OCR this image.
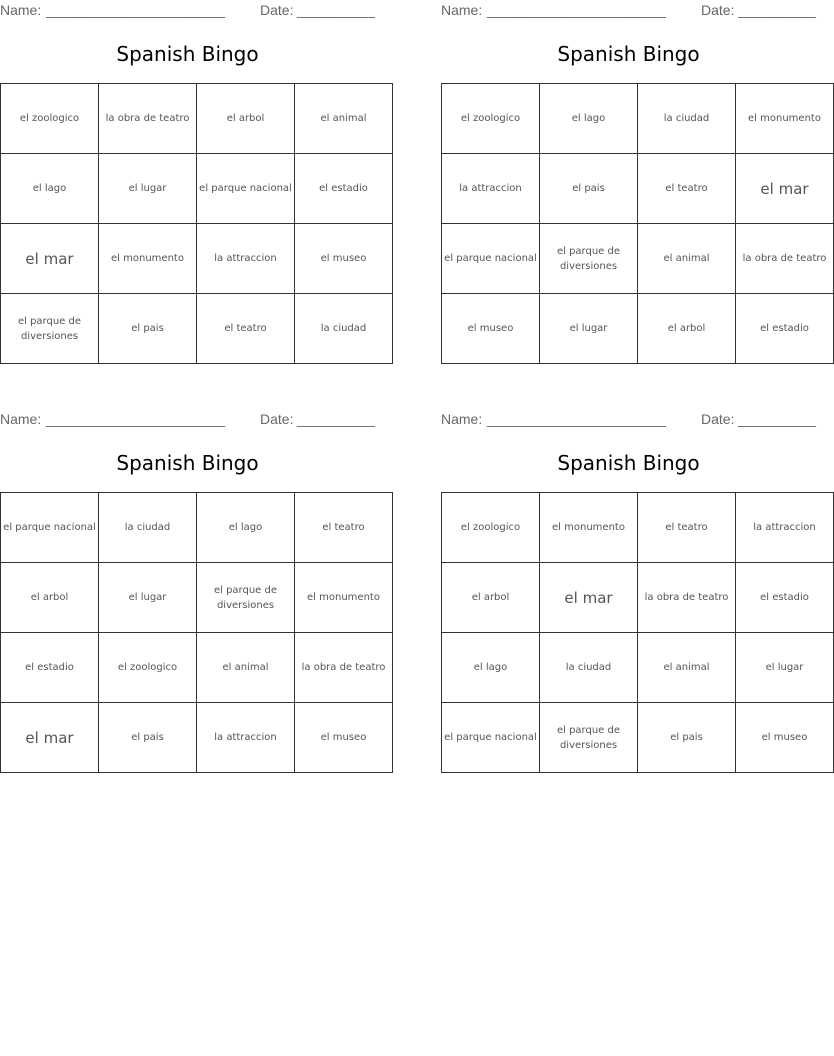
Name: _______________________ Date: __________
Spanish Bingo
el zoologico	la obra de teatro	el arbol	el animal
el lago	el lugar	el parque nacional	el estadio
el mar	el monumento	la attraccion	el museo
el parque de diversiones	el pais	el teatro	la ciudad
Name: _______________________ Date: __________
Spanish Bingo
el zoologico	el lago	la ciudad	el monumento
la attraccion	el pais	el teatro	el mar
el parque nacional	el parque de diversiones	el animal	la obra de teatro
el museo	el lugar	el arbol	el estadio
Name: _______________________ Date: __________
Spanish Bingo
el parque nacional	la ciudad	el lago	el teatro
el arbol	el lugar	el parque de diversiones	el monumento
el estadio	el zoologico	el animal	la obra de teatro
el mar	el pais	la attraccion	el museo
Name: _______________________ Date: __________
Spanish Bingo
el zoologico	el monumento	el teatro	la attraccion
el arbol	el mar	la obra de teatro	el estadio
el lago	la ciudad	el animal	el lugar
el parque nacional	el parque de diversiones	el pais	el museo
